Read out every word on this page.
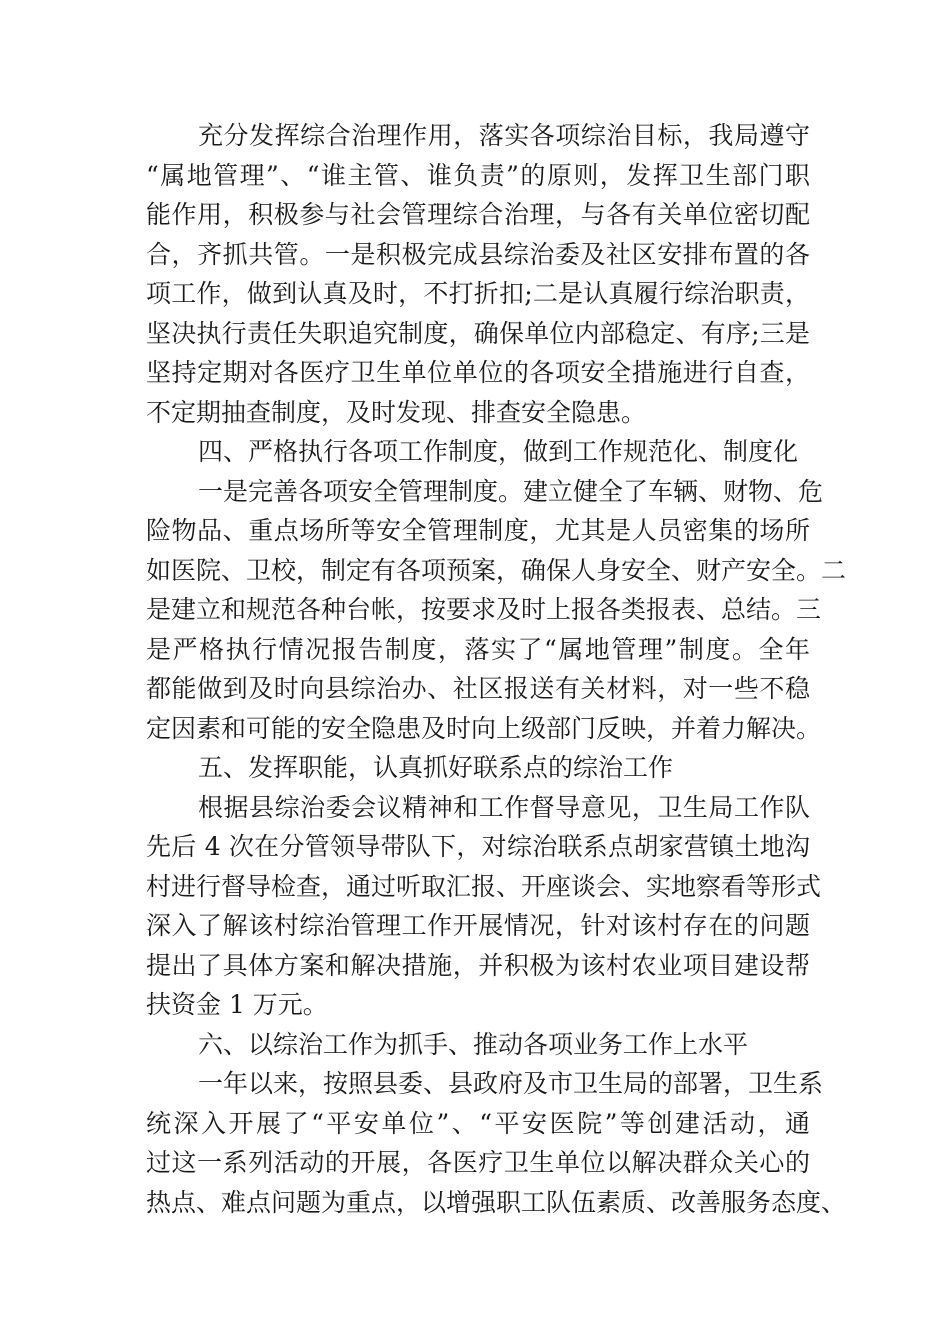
充分发挥综合治理作用，落实各项综治目标，我局遵守
“属地管理”、“谁主管、谁负责”的原则，发挥卫生部门职
能作用，积极参与社会管理综合治理，与各有关单位密切配
合，齐抓共管。一是积极完成县综治委及社区安排布置的各
项工作，做到认真及时，不打折扣;二是认真履行综治职责，
坚决执行责任失职追究制度，确保单位内部稳定、有序;三是
坚持定期对各医疗卫生单位单位的各项安全措施进行自查，
不定期抽查制度，及时发现、排查安全隐患。
四、严格执行各项工作制度，做到工作规范化、制度化
一是完善各项安全管理制度。建立健全了车辆、财物、危
险物品、重点场所等安全管理制度，尤其是人员密集的场所
如医院、卫校，制定有各项预案，确保人身安全、财产安全。二
是建立和规范各种台帐，按要求及时上报各类报表、总结。三
是严格执行情况报告制度，落实了“属地管理”制度。全年
都能做到及时向县综治办、社区报送有关材料，对一些不稳
定因素和可能的安全隐患及时向上级部门反映，并着力解决。
五、发挥职能，认真抓好联系点的综治工作
根据县综治委会议精神和工作督导意见，卫生局工作队
先后 4 次在分管领导带队下，对综治联系点胡家营镇土地沟
村进行督导检查，通过听取汇报、开座谈会、实地察看等形式
深入了解该村综治管理工作开展情况，针对该村存在的问题
提出了具体方案和解决措施，并积极为该村农业项目建设帮
扶资金 1 万元。
六、以综治工作为抓手、推动各项业务工作上水平
一年以来，按照县委、县政府及市卫生局的部署，卫生系
统深入开展了“平安单位”、“平安医院”等创建活动，通
过这一系列活动的开展，各医疗卫生单位以解决群众关心的
热点、难点问题为重点，以增强职工队伍素质、改善服务态度、
